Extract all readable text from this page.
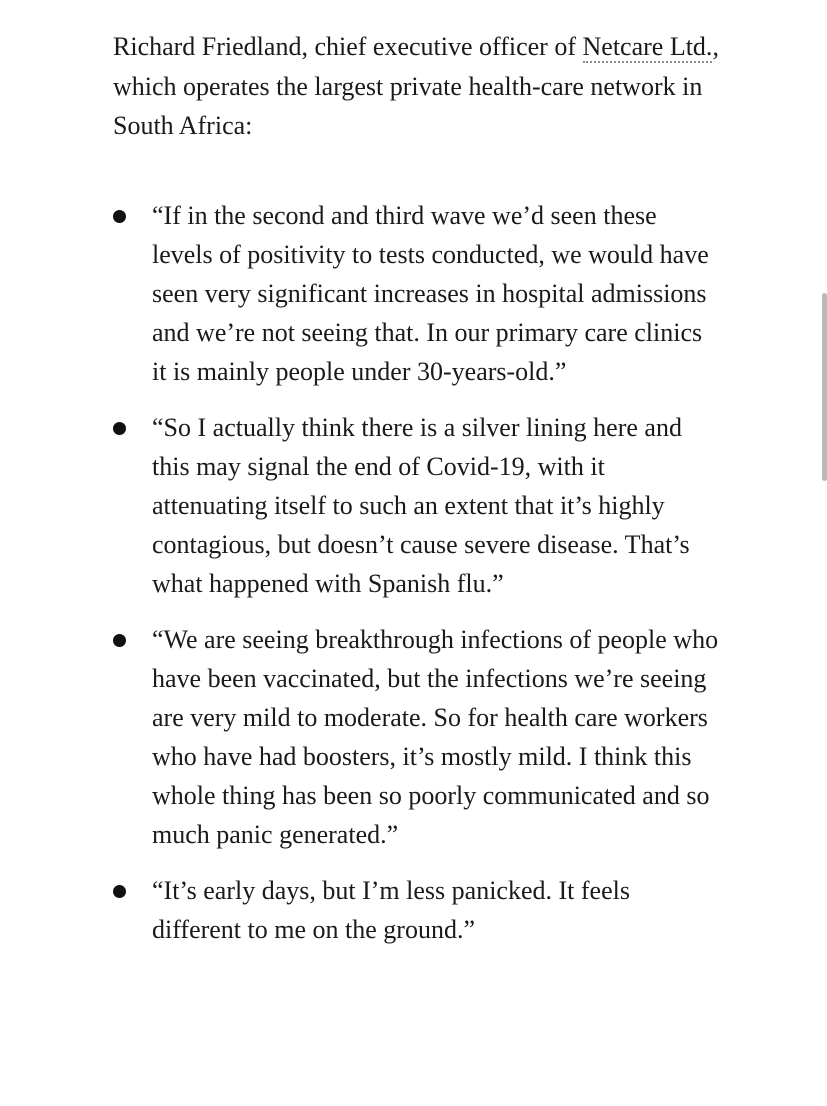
Richard Friedland, chief executive officer of Netcare Ltd., which operates the largest private health-care network in South Africa:

“If in the second and third wave we’d seen these levels of positivity to tests conducted, we would have seen very significant increases in hospital admissions and we’re not seeing that. In our primary care clinics it is mainly people under 30-years-old.”
“So I actually think there is a silver lining here and this may signal the end of Covid-19, with it attenuating itself to such an extent that it’s highly contagious, but doesn’t cause severe disease. That’s what happened with Spanish flu.”
“We are seeing breakthrough infections of people who have been vaccinated, but the infections we’re seeing are very mild to moderate. So for health care workers who have had boosters, it’s mostly mild. I think this whole thing has been so poorly communicated and so much panic generated.”
“It’s early days, but I’m less panicked. It feels different to me on the ground.”
